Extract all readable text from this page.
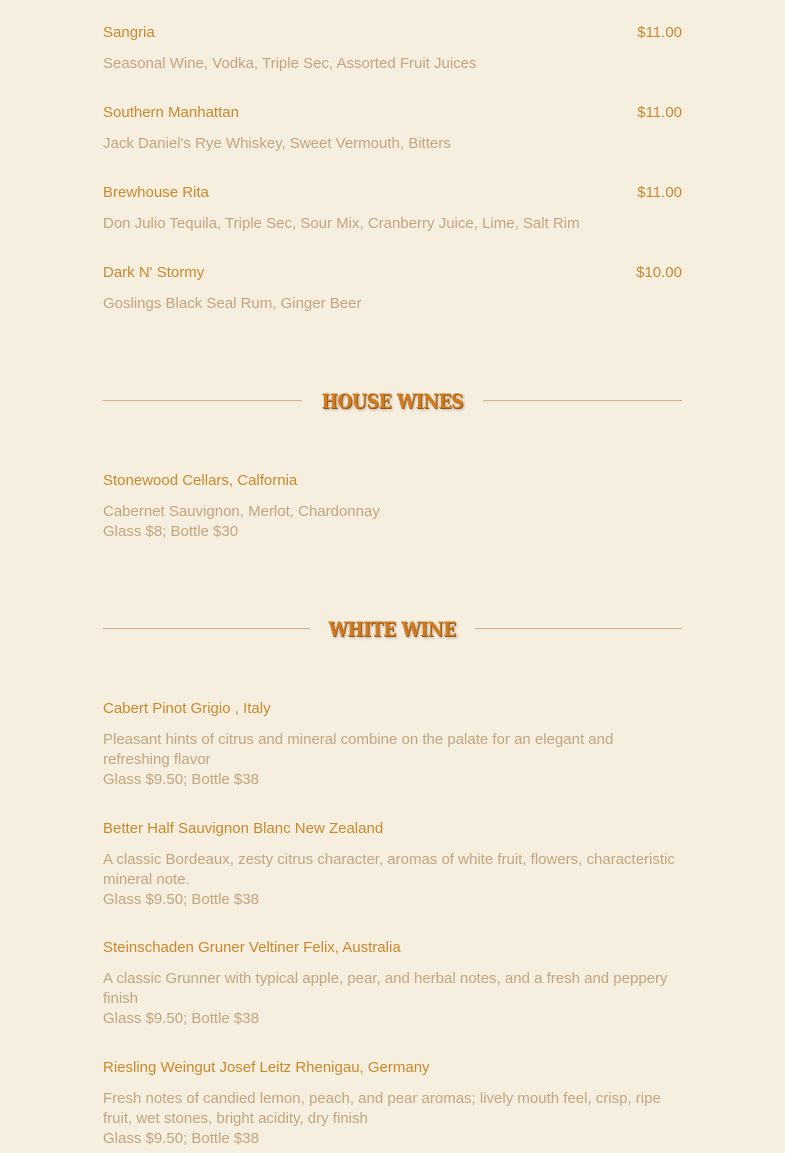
Sangria	$11.00
Seasonal Wine, Vodka, Triple Sec, Assorted Fruit Juices
Southern Manhattan	$11.00
Jack Daniel's Rye Whiskey, Sweet Vermouth, Bitters
Brewhouse Rita	$11.00
Don Julio Tequila, Triple Sec, Sour Mix, Cranberry Juice, Lime, Salt Rim
Dark N' Stormy	$10.00
Goslings Black Seal Rum, Ginger Beer
HOUSE WINES
Stonewood Cellars, Calfornia
Cabernet Sauvignon, Merlot, Chardonnay
Glass $8; Bottle $30
WHITE WINE
Cabert Pinot Grigio , Italy
Pleasant hints of citrus and mineral combine on the palate for an elegant and refreshing flavor
Glass $9.50; Bottle $38
Better Half Sauvignon Blanc New Zealand
A classic Bordeaux, zesty citrus character, aromas of white fruit, flowers, characteristic mineral note.
Glass $9.50; Bottle $38
Steinschaden Gruner Veltiner Felix, Australia
A classic Grunner with typical apple, pear, and herbal notes, and a fresh and peppery finish
Glass $9.50; Bottle $38
Riesling Weingut Josef Leitz Rhenigau, Germany
Fresh notes of candied lemon, peach, and pear aromas; lively mouth feel, crisp, ripe fruit, wet stones, bright acidity, dry finish
Glass $9.50; Bottle $38
